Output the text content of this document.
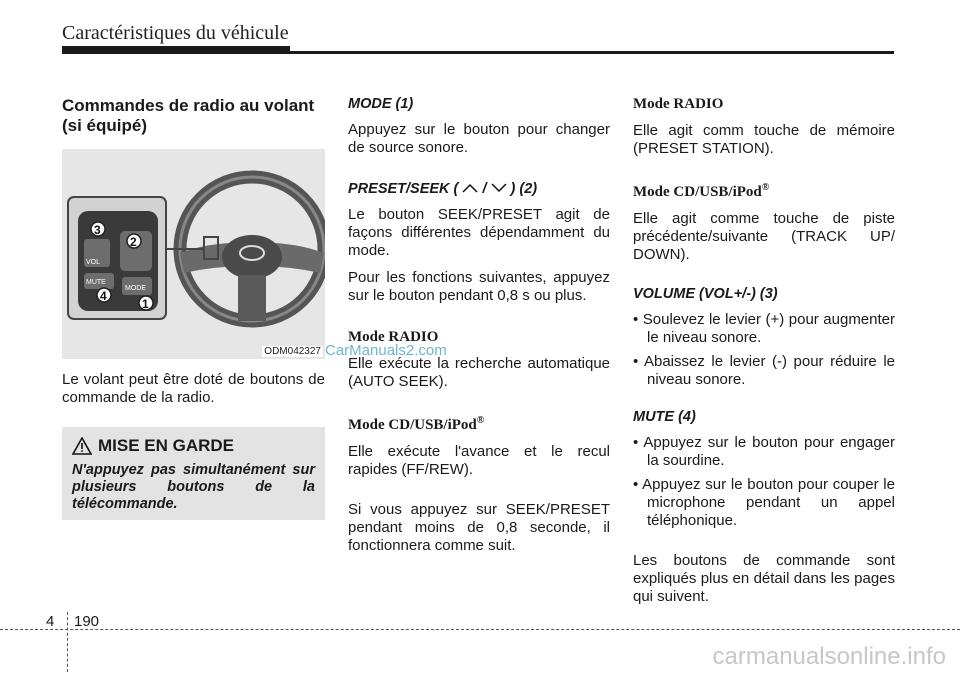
Caractéristiques du véhicule
Commandes de radio au volant (si équipé)
VOL
MUTE
MODE
3
2
4
1
ODM042327

Le volant peut être doté de boutons de commande de la radio.

MISE EN GARDE
N'appuyez pas simultanément sur plusieurs boutons de la télécommande.

MODE (1)

Appuyez sur le bouton pour changer de source sonore.

PRESET/SEEK ( / ) (2)

Le bouton SEEK/PRESET agit de façons différentes dépendamment du mode.

Pour les fonctions suivantes, appuyez sur le bouton pendant 0,8 s ou plus.

Mode RADIO

Elle exécute la recherche automatique (AUTO SEEK).

Mode CD/USB/iPod®

Elle exécute l'avance et le recul rapides (FF/REW).

Si vous appuyez sur SEEK/PRESET pendant moins de 0,8 seconde, il fonctionnera comme suit.

Mode RADIO

Elle agit comm touche de mémoire (PRESET STATION).

Mode CD/USB/iPod®

Elle agit comme touche de piste précédente/suivante (TRACK UP/ DOWN).

VOLUME (VOL+/-) (3)

• Soulevez le levier (+) pour augmenter le niveau sonore.

• Abaissez le levier (-) pour réduire le niveau sonore.

MUTE (4)

• Appuyez sur le bouton pour engager la sourdine.

• Appuyez sur le bouton pour couper le microphone pendant un appel téléphonique.

Les boutons de commande sont expliqués plus en détail dans les pages qui suivent.

CarManuals2.com
4 190
carmanualsonline.info
